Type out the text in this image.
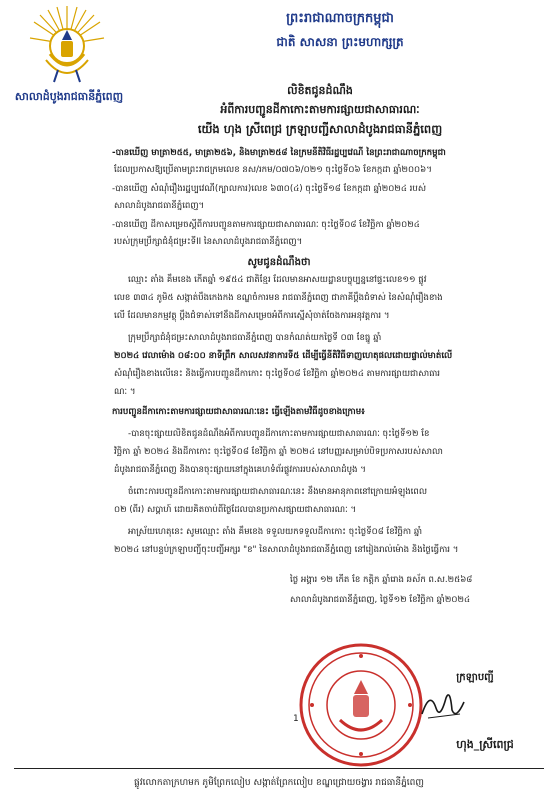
ព្រះរាជាណាចក្រកម្ពុជា
ជាតិ សាសនា ព្រះមហាក្សត្រ
សាលាដំបូងរាជធានីភ្នំពេញ	លិខិតជូនដំណឹង
អំពីការបញ្ជូនដីកាកោះតាមការផ្សាយជាសាធារណៈ
យើង ហុង ស្រីពេជ្រ ក្រឡាបញ្ជីសាលាដំបូងរាជធានីភ្នំពេញ
-បានឃើញ មាត្រា២៥៥, មាត្រា២៥៦, និងមាត្រា២៥៨ នៃក្រមនីតិវិធីរដ្ឋប្បវេណី នៃព្រះរាជាណាចក្រកម្ពុជា
ដែលប្រកាសឱ្យប្រើតាមព្រះរាជក្រមលេខ នស/រកម/០៧០៦/០២១ ចុះថ្ងៃទី០៦ ខែកក្កដា ឆ្នាំ២០០៦។
-បានឃើញ សំណុំរឿងរដ្ឋប្បវេណី(ក្បាលការ)លេខ ៦៣០(៤) ចុះថ្ងៃទី១៨ ខែកក្កដា ឆ្នាំ២០២៤ របស់
សាលាដំបូងរាជធានីភ្នំពេញ។
-បានឃើញ ដីកាសម្រេចស្ដីពីការបញ្ជូនតាមការផ្សាយជាសាធារណៈ ចុះថ្ងៃទី០៨ ខែវិច្ឆិកា ឆ្នាំ២០២៤
របស់ក្រុមប្រឹក្សាជំនុំជម្រះទីII នៃសាលាដំបូងរាជធានីភ្នំពេញ។
សូមជូនដំណឹងថា
ឈ្មោះ តាំង គឹមខេង កើតឆ្នាំ ១៩៥៤ ជាតិខ្មែរ ដែលមានអាសយដ្ឋានបច្ចុប្បន្ននៅផ្ទះលេខ១១ ផ្លូវ
លេខ ៣៣៤ ភូមិ៥ សង្កាត់បឹងកេងកង ខណ្ឌចំការមន រាជធានីភ្នំពេញ ជាភាគីប្ដឹងជំទាស់ នៃសំណុំរឿងខាង
លើ ដែលមានកម្មវត្ថុ ប្ដឹងជំទាស់ទៅនឹងដីកាសម្រេចអំពីការស្នើសុំចាត់ចែងការអនុវត្តការ ។
ក្រុមប្រឹក្សាជំនុំជម្រះសាលាដំបូងរាជធានីភ្នំពេញ បានកំណត់យកថ្ងៃទី ០៣ ខែធ្នូ ឆ្នាំ
២០២៤ វេលាម៉ោង ០៨:០០ នាទីព្រឹក សាលសវនាការទី៥ ដើម្បីធ្វើនីតិវិធីទាញហេតុផលដោយផ្ទាល់មាត់លើ
សំណុំរឿងខាងលើនេះ និងធ្វើការបញ្ជូនដីកាកោះ ចុះថ្ងៃទី០៨ ខែវិច្ឆិកា ឆ្នាំ២០២៤ តាមការផ្សាយជាសាធារ
ណៈ ។
ការបញ្ជូនដីកាកោះតាមការផ្សាយជាសាធារណៈនេះ ធ្វើឡើងតាមវិធីដូចខាងក្រោម៖
-បានចុះផ្សាយលិខិតជូនដំណឹងអំពីការបញ្ជូនដីកាកោះតាមការផ្សាយជាសាធារណៈ ចុះថ្ងៃទី១២ ខែ
វិច្ឆិកា ឆ្នាំ ២០២៤ និងដីកាកោះ ចុះថ្ងៃទី០៨ ខែវិច្ឆិកា ឆ្នាំ ២០២៤ នៅបញ្ញរសម្រាប់បិទប្រកាសរបស់សាលា
ដំបូងរាជធានីភ្នំពេញ និងបានចុះផ្សាយនៅក្នុងគេហទំព័រផ្លូវការរបស់សាលាដំបូង ។
ចំពោះការបញ្ជូនដីកាកោះតាមការផ្សាយជាសាធារណៈនេះ នឹងមានអានុភាពនៅក្រោយអំឡុងពេល
០២ (ពីរ) សប្ដាហ៍ ដោយគិតចាប់ពីថ្ងៃដែលបានប្រកាសផ្សាយជាសាធារណៈ ។
អាស្រ័យហេតុនេះ សូមឈ្មោះ តាំង គឹមខេង ទទួលយកទទួលដីកាកោះ ចុះថ្ងៃទី០៨ ខែវិច្ឆិកា ឆ្នាំ
២០២៤ នៅបន្ទប់ក្រឡាបញ្ជីចុះបញ្ជីអក្សរ "ខ" នៃសាលាដំបូងរាជធានីភ្នំពេញ នៅរៀងរាល់ម៉ោង និងថ្ងៃធ្វើការ ។
ថ្ងៃ អង្គារ ១២ កើត ខែ កត្ដិក ឆ្នាំរោង ឆស័ក ព.ស.២៥៦៨
សាលាដំបូងរាជធានីភ្នំពេញ, ថ្ងៃទី១២ ខែវិច្ឆិកា ឆ្នាំ២០២៤
ក្រឡាបញ្ជី
ហុង_ស្រីពេជ្រ
1
ផ្លូវលោកតាក្រហមក ភូមិព្រែកលៀប សង្កាត់ព្រែកលៀប ខណ្ឌជ្រោយចង្វារ រាជធានីភ្នំពេញ
